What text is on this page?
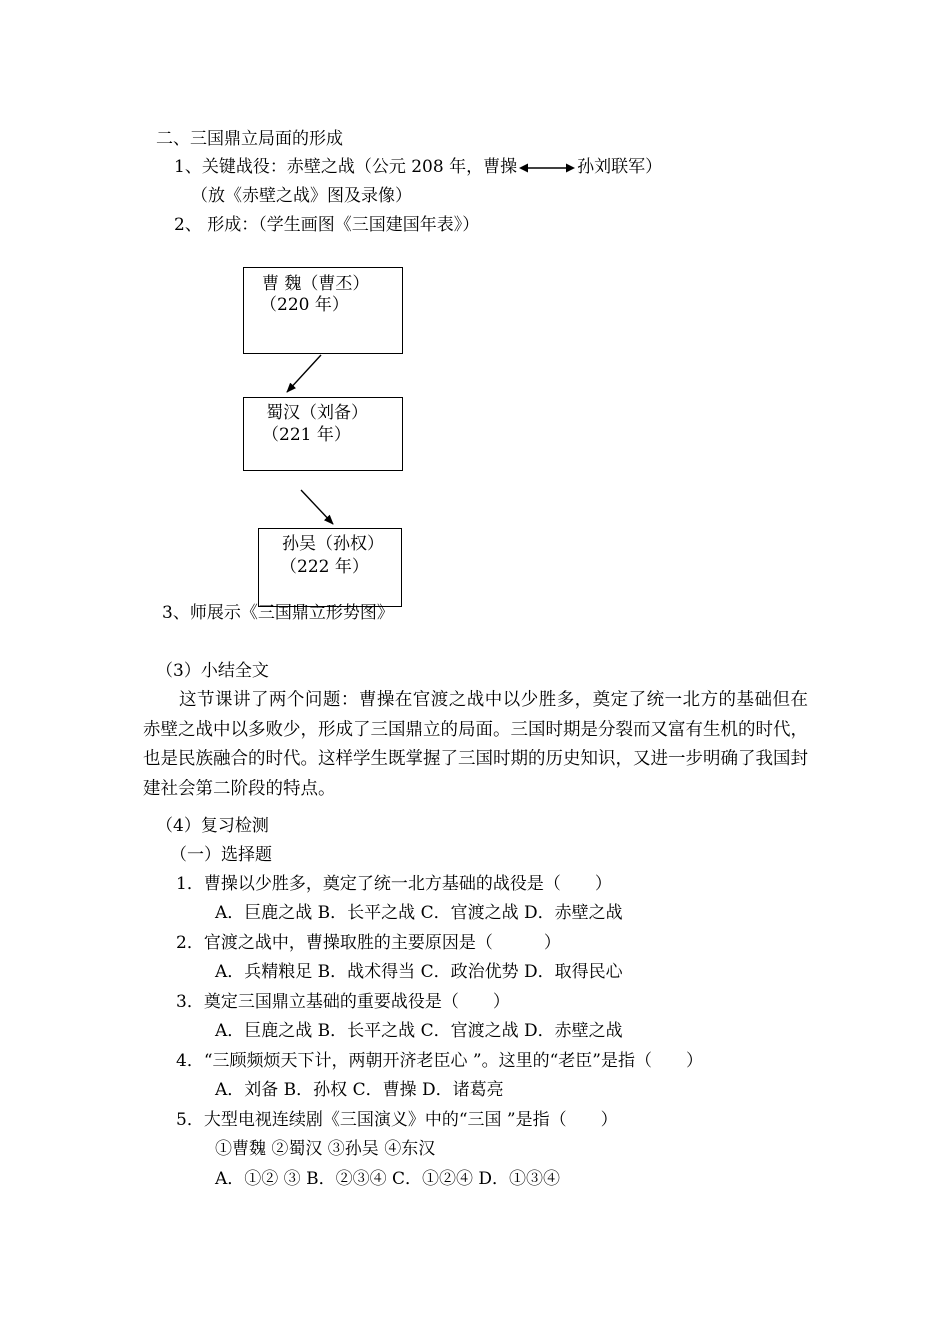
二、三国鼎立局面的形成
1、关键战役：赤壁之战（公元 208 年，曹操	孙刘联军）
（放《赤壁之战》图及录像）
2、 形成：（学生画图《三国建国年表》）
曹 魏（曹丕）
（220 年）
蜀汉（刘备）
（221 年）
孙吴（孙权）
（222 年）
3、师展示《三国鼎立形势图》
（3）小结全文
这节课讲了两个问题：曹操在官渡之战中以少胜多，奠定了统一北方的基础但在赤壁之战中以多败少，形成了三国鼎立的局面。三国时期是分裂而又富有生机的时代，也是民族融合的时代。这样学生既掌握了三国时期的历史知识，又进一步明确了我国封建社会第二阶段的特点。
（4）复习检测
（一）选择题
1．曹操以少胜多，奠定了统一北方基础的战役是（　　）
A．巨鹿之战 B．长平之战 C．官渡之战 D．赤壁之战
2．官渡之战中，曹操取胜的主要原因是（　　　）
A．兵精粮足 B．战术得当 C．政治优势 D．取得民心
3．奠定三国鼎立基础的重要战役是（　　）
A．巨鹿之战 B．长平之战 C．官渡之战 D．赤壁之战
4．“三顾频烦天下计，两朝开济老臣心 ”。这里的“老臣”是指（　　）
A．刘备 B．孙权 C．曹操 D．诸葛亮
5．大型电视连续剧《三国演义》中的“三国 ”是指（　　）
①曹魏 ②蜀汉 ③孙吴 ④东汉
A．①② ③ B．②③④ C．①②④ D．①③④
